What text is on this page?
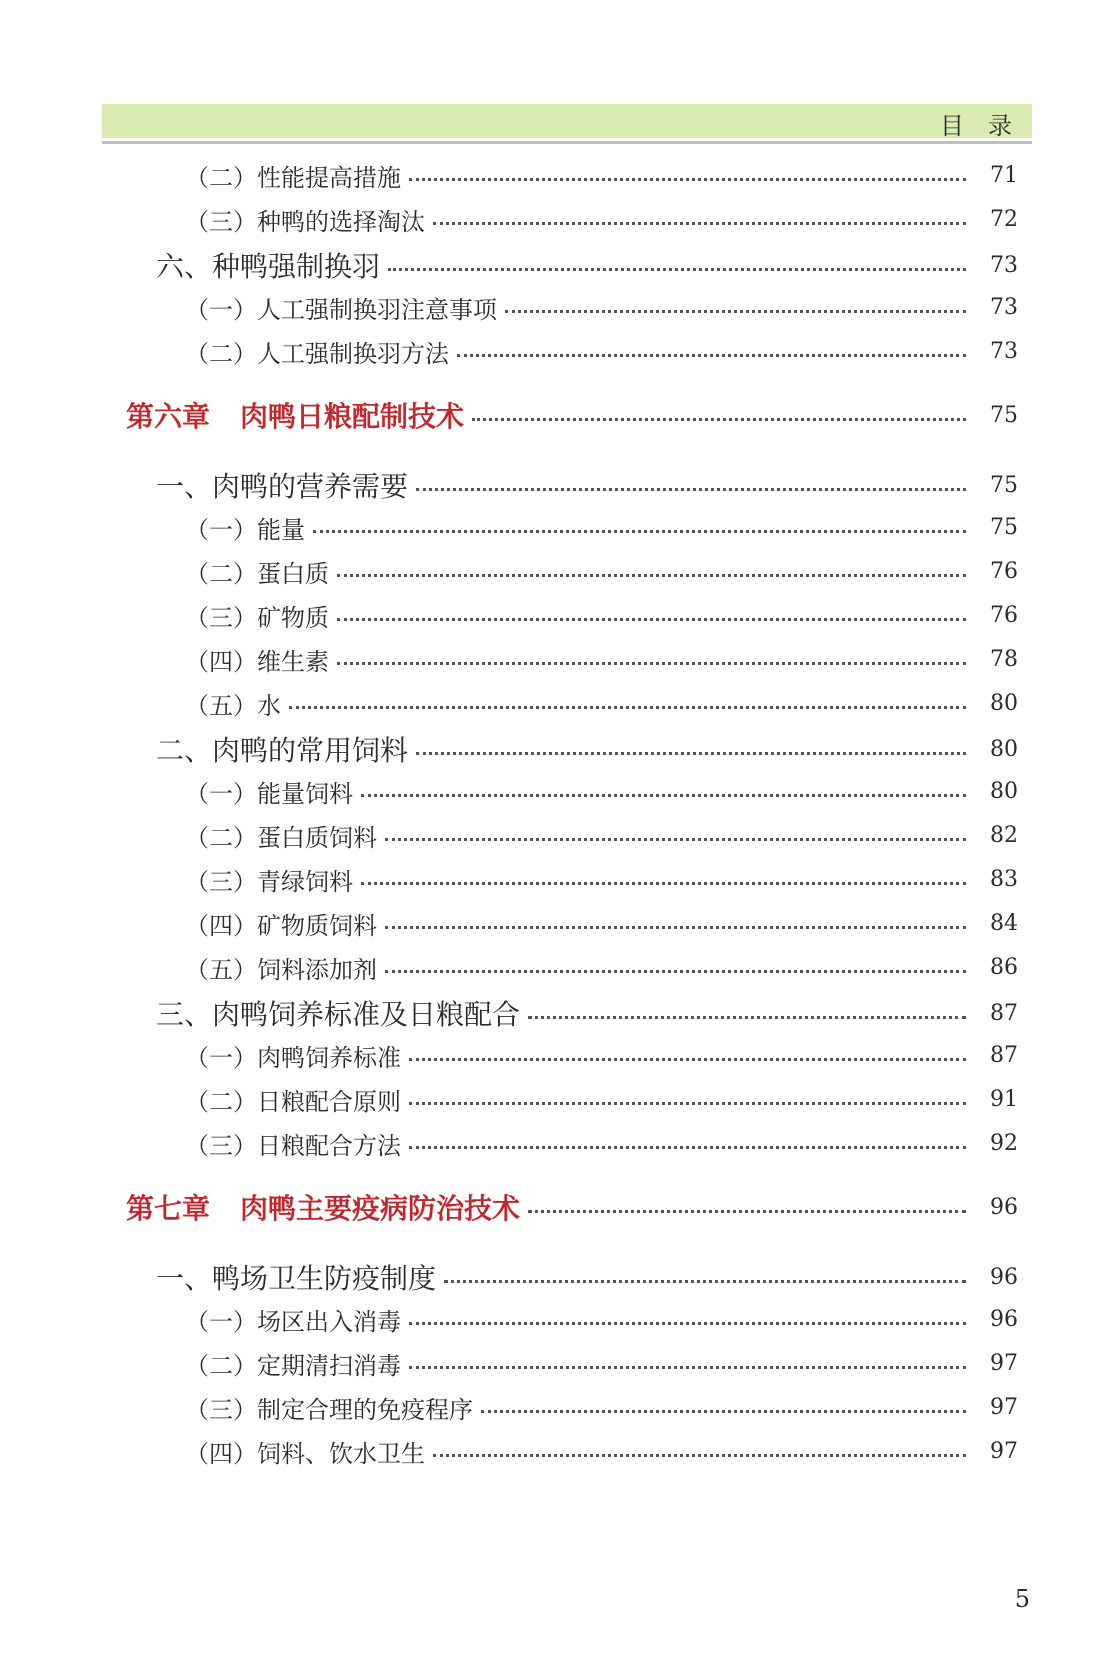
目　录
（二）性能提高措施	71
（三）种鸭的选择淘汰	72
六、种鸭强制换羽	73
（一）人工强制换羽注意事项	73
（二）人工强制换羽方法	73
第六章 肉鸭日粮配制技术	75
一、肉鸭的营养需要	75
（一）能量	75
（二）蛋白质	76
（三）矿物质	76
（四）维生素	78
（五）水	80
二、肉鸭的常用饲料	80
（一）能量饲料	80
（二）蛋白质饲料	82
（三）青绿饲料	83
（四）矿物质饲料	84
（五）饲料添加剂	86
三、肉鸭饲养标准及日粮配合	87
（一）肉鸭饲养标准	87
（二）日粮配合原则	91
（三）日粮配合方法	92
第七章 肉鸭主要疫病防治技术	96
一、鸭场卫生防疫制度	96
（一）场区出入消毒	96
（二）定期清扫消毒	97
（三）制定合理的免疫程序	97
（四）饲料、饮水卫生	97
5
